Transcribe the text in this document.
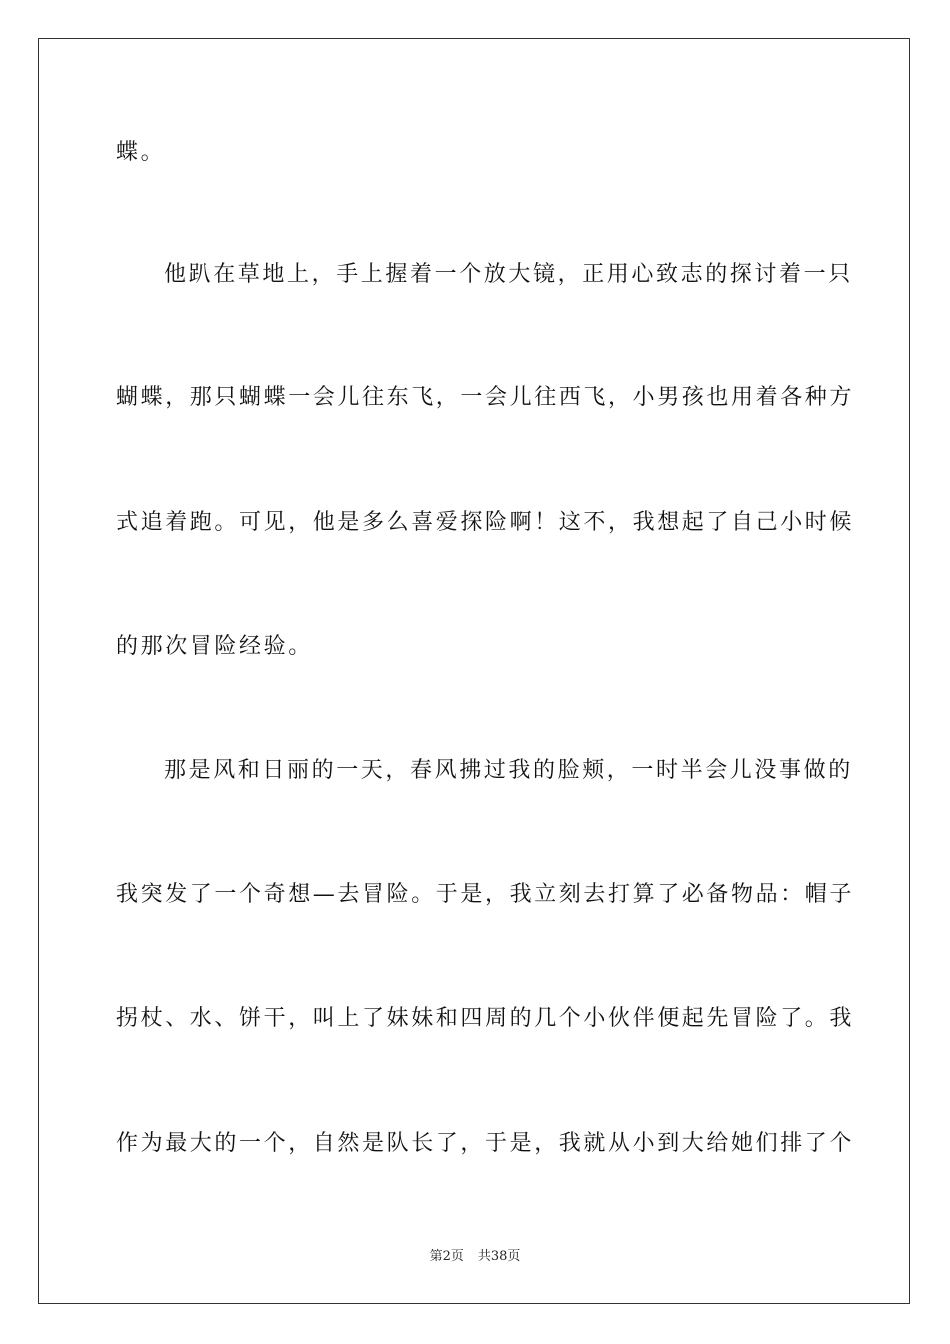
蝶。
他趴在草地上，手上握着一个放大镜，正用心致志的探讨着一只
蝴蝶，那只蝴蝶一会儿往东飞，一会儿往西飞，小男孩也用着各种方
式追着跑。可见，他是多么喜爱探险啊！这不，我想起了自己小时候
的那次冒险经验。
那是风和日丽的一天，春风拂过我的脸颊，一时半会儿没事做的
我突发了一个奇想—去冒险。于是，我立刻去打算了必备物品：帽子
拐杖、水、饼干，叫上了妹妹和四周的几个小伙伴便起先冒险了。我
作为最大的一个，自然是队长了，于是，我就从小到大给她们排了个
第2页 共38页
